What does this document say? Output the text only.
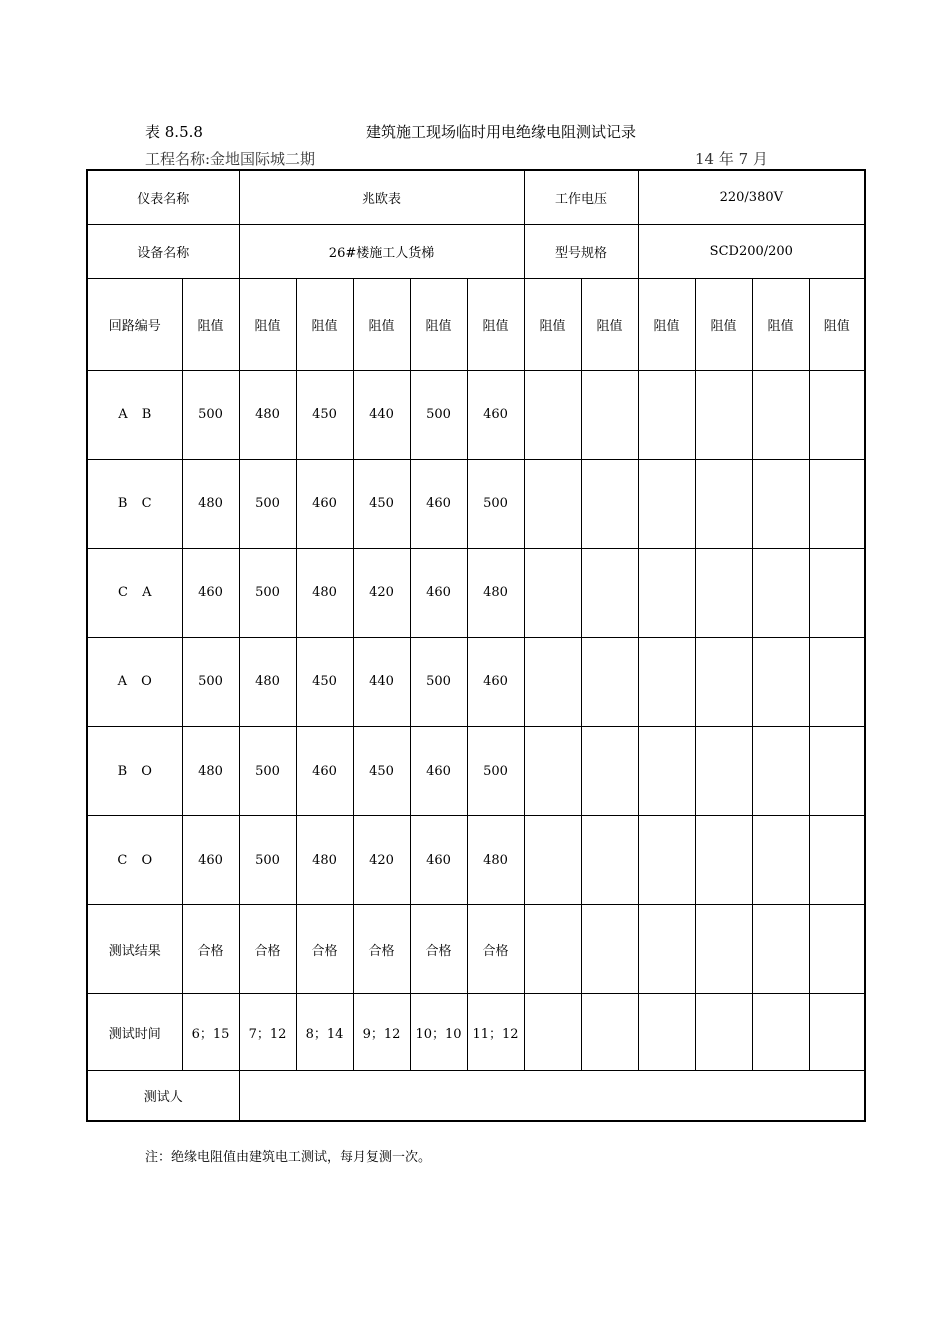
表 8.5.8	建筑施工现场临时用电绝缘电阻测试记录
工程名称:金地国际城二期	14 年 7 月
仪表名称		兆欧表					工作电压		220/380V			
设备名称		26#楼施工人货梯					型号规格		SCD200/200			
回路编号	阻值	阻值	阻值	阻值	阻值	阻值	阻值	阻值	阻值	阻值	阻值	阻值
A B	500	480	450	440	500	460						
B C	480	500	460	450	460	500						
C A	460	500	480	420	460	480						
A O	500	480	450	440	500	460						
B O	480	500	460	450	460	500						
C O	460	500	480	420	460	480						
测试结果	合格	合格	合格	合格	合格	合格						
测试时间	6；15	7；12	8；14	9；12	10；10	11；12						
测试人												
注：绝缘电阻值由建筑电工测试，每月复测一次。
